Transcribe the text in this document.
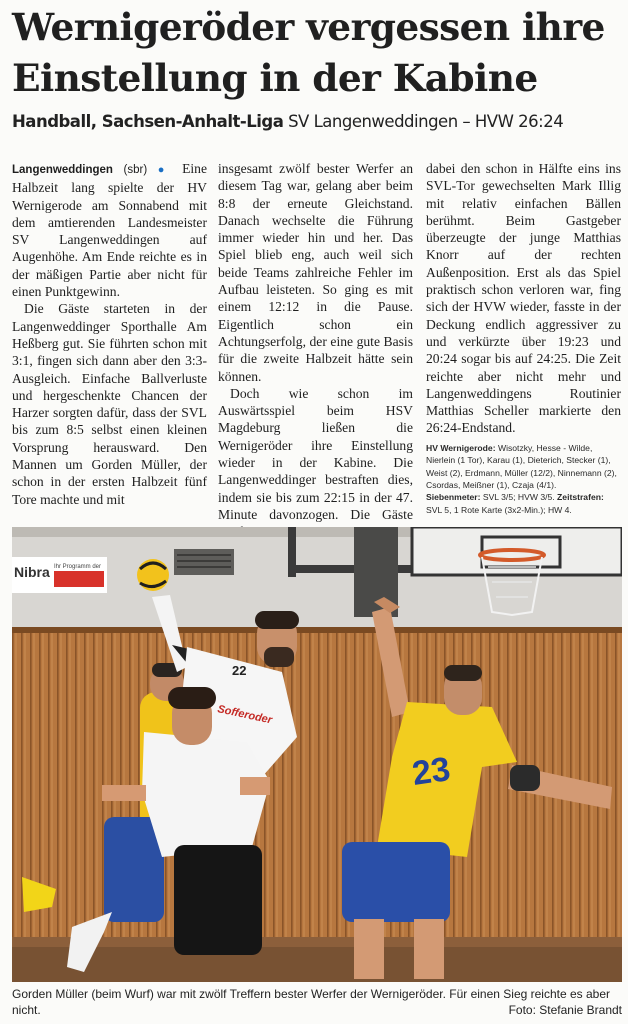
Wernigeröder vergessen ihre Einstellung in der Kabine
Handball, Sachsen-Anhalt-Liga SV Langenweddingen – HVW 26:24

Langenweddingen (sbr) ● Eine Halbzeit lang spielte der HV Wernigerode am Sonnabend mit dem amtierenden Landesmeister SV Langenweddingen auf Augenhöhe. Am Ende reichte es in der mäßigen Partie aber nicht für einen Punktgewinn.

Die Gäste starteten in der Langenweddinger Sporthalle Am Heßberg gut. Sie führten schon mit 3:1, fingen sich dann aber den 3:3-Ausgleich. Einfache Ballverluste und hergeschenkte Chancen der Harzer sorgten dafür, dass der SVL bis zum 8:5 selbst einen kleinen Vorsprung herausward. Den Mannen um Gorden Müller, der schon in der ersten Halbzeit fünf Tore machte und mit

insgesamt zwölf bester Werfer an diesem Tag war, gelang aber beim 8:8 der erneute Gleichstand. Danach wechselte die Führung immer wieder hin und her. Das Spiel blieb eng, auch weil sich beide Teams zahlreiche Fehler im Aufbau leisteten. So ging es mit einem 12:12 in die Pause. Eigentlich schon ein Achtungserfolg, der eine gute Basis für die zweite Halbzeit hätte sein können.

Doch wie schon im Auswärtsspiel beim HSV Magdeburg ließen die Wernigeröder ihre Einstellung wieder in der Kabine. Die Langenweddinger bestraften dies, indem sie bis zum 22:15 in der 47. Minute davonzogen. Die Gäste

dabei den schon in Hälfte eins ins SVL-Tor gewechselten Mark Illig mit relativ einfachen Bällen berühmt. Beim Gastgeber überzeugte der junge Matthias Knorr auf der rechten Außenposition. Erst als das Spiel praktisch schon verloren war, fing sich der HVW wieder, fasste in der Deckung endlich aggressiver zu und verkürzte über 19:23 und 20:24 sogar bis auf 24:25. Die Zeit reichte aber nicht mehr und Langenweddingens Routinier Matthias Scheller markierte den 26:24-Endstand.

HV Wernigerode: Wisotzky, Hesse - Wilde, Nierlein (1 Tor), Karau (1), Dieterich, Stecker (1), Weist (2), Erdmann, Müller (12/2), Ninnemann (2), Csordas, Meißner (1), Czaja (4/1).
Siebenmeter: SVL 3/5; HVW 3/5. Zeitstrafen: SVL 5, 1 Rote Karte (3x2-Min.); HW 4.
Nibra Ihr Programm der
22
Sofferoder
23
Gorden Müller (beim Wurf) war mit zwölf Treffern bester Werfer der Wernigeröder. Für einen Sieg reichte es aber nicht.	Foto: Stefanie Brandt
